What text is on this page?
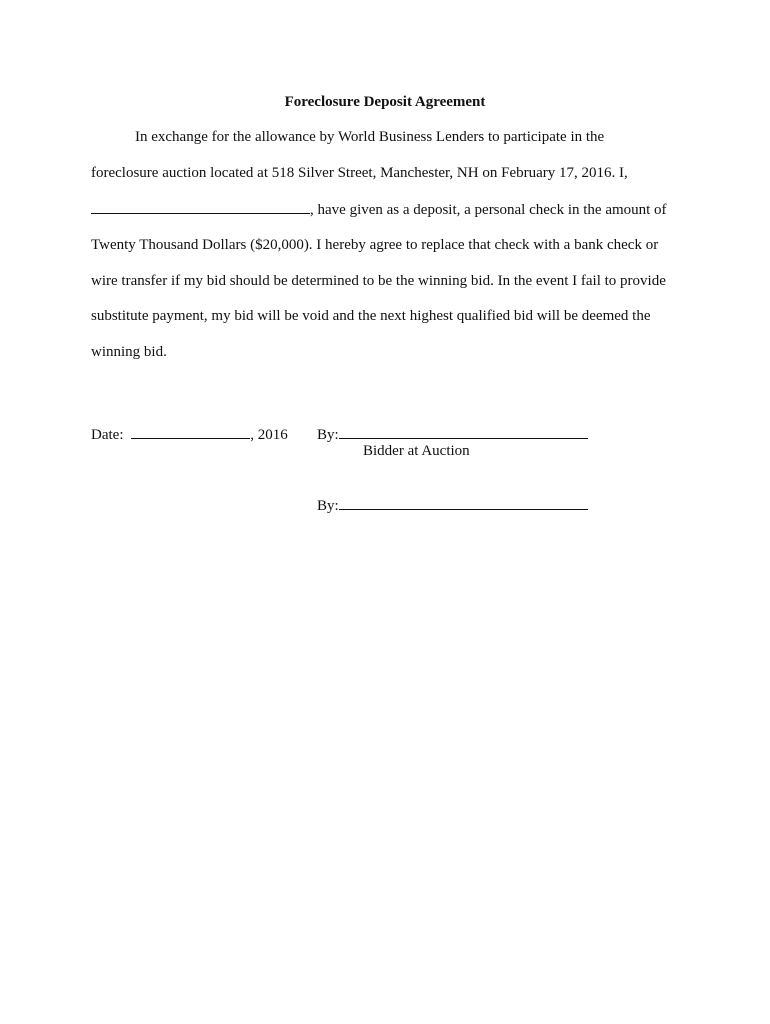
Foreclosure Deposit Agreement
In exchange for the allowance by World Business Lenders to participate in the
foreclosure auction located at 518 Silver Street, Manchester, NH on February 17, 2016. I,
, have given as a deposit, a personal check in the amount of
Twenty Thousand Dollars ($20,000). I hereby agree to replace that check with a bank check or
wire transfer if my bid should be determined to be the winning bid. In the event I fail to provide
substitute payment, my bid will be void and the next highest qualified bid will be deemed the
winning bid.
Date:	, 2016 By:
Bidder at Auction
By:
